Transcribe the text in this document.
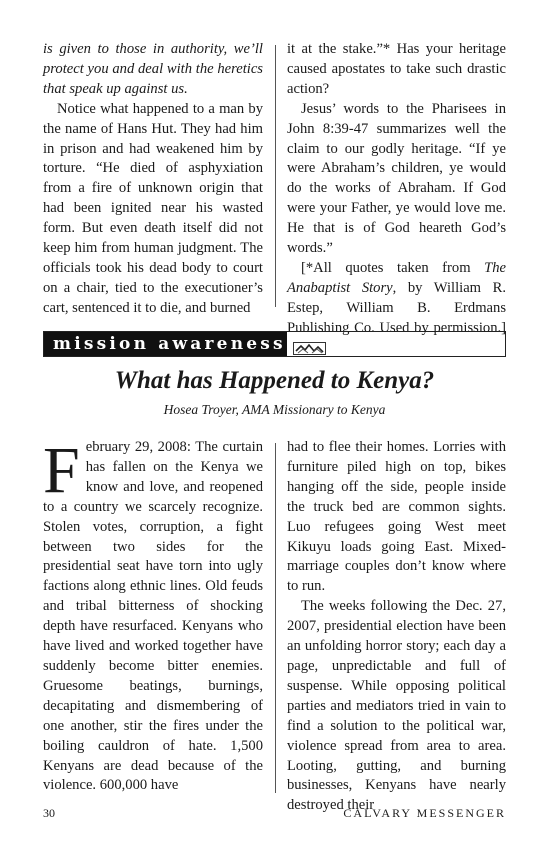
is given to those in authority, we’ll protect you and deal with the heretics that speak up against us.

Notice what happened to a man by the name of Hans Hut. They had him in prison and had weakened him by torture. “He died of asphyxiation from a fire of unknown origin that had been ignited near his wasted form. But even death itself did not keep him from human judgment. The officials took his dead body to court on a chair, tied to the executioner’s cart, sentenced it to die, and burned

it at the stake.”* Has your heritage caused apostates to take such drastic action?

Jesus’ words to the Pharisees in John 8:39-47 summarizes well the claim to our godly heritage. “If ye were Abraham’s children, ye would do the works of Abraham. If God were your Father, ye would love me. He that is of God heareth God’s words.”

[*All quotes taken from The Anabaptist Story, by William R. Estep, William B. Erdmans Publishing Co. Used by permission.]

mission awareness
What has Happened to Kenya?
Hosea Troyer, AMA Missionary to Kenya

February 29, 2008: The curtain has fallen on the Kenya we know and love, and reopened to a country we scarcely recognize. Stolen votes, corruption, a fight between two sides for the presidential seat have torn into ugly factions along ethnic lines. Old feuds and tribal bitterness of shocking depth have resurfaced. Kenyans who have lived and worked together have suddenly become bitter enemies. Gruesome beatings, burnings, decapitating and dismembering of one another, stir the fires under the boiling cauldron of hate. 1,500 Kenyans are dead because of the violence. 600,000 have

had to flee their homes. Lorries with furniture piled high on top, bikes hanging off the side, people inside the truck bed are common sights. Luo refugees going West meet Kikuyu loads going East. Mixed-marriage couples don’t know where to run.

The weeks following the Dec. 27, 2007, presidential election have been an unfolding horror story; each day a page, unpredictable and full of suspense. While opposing political parties and mediators tried in vain to find a solution to the political war, violence spread from area to area. Looting, gutting, and burning businesses, Kenyans have nearly destroyed their

30	CALVARY MESSENGER
